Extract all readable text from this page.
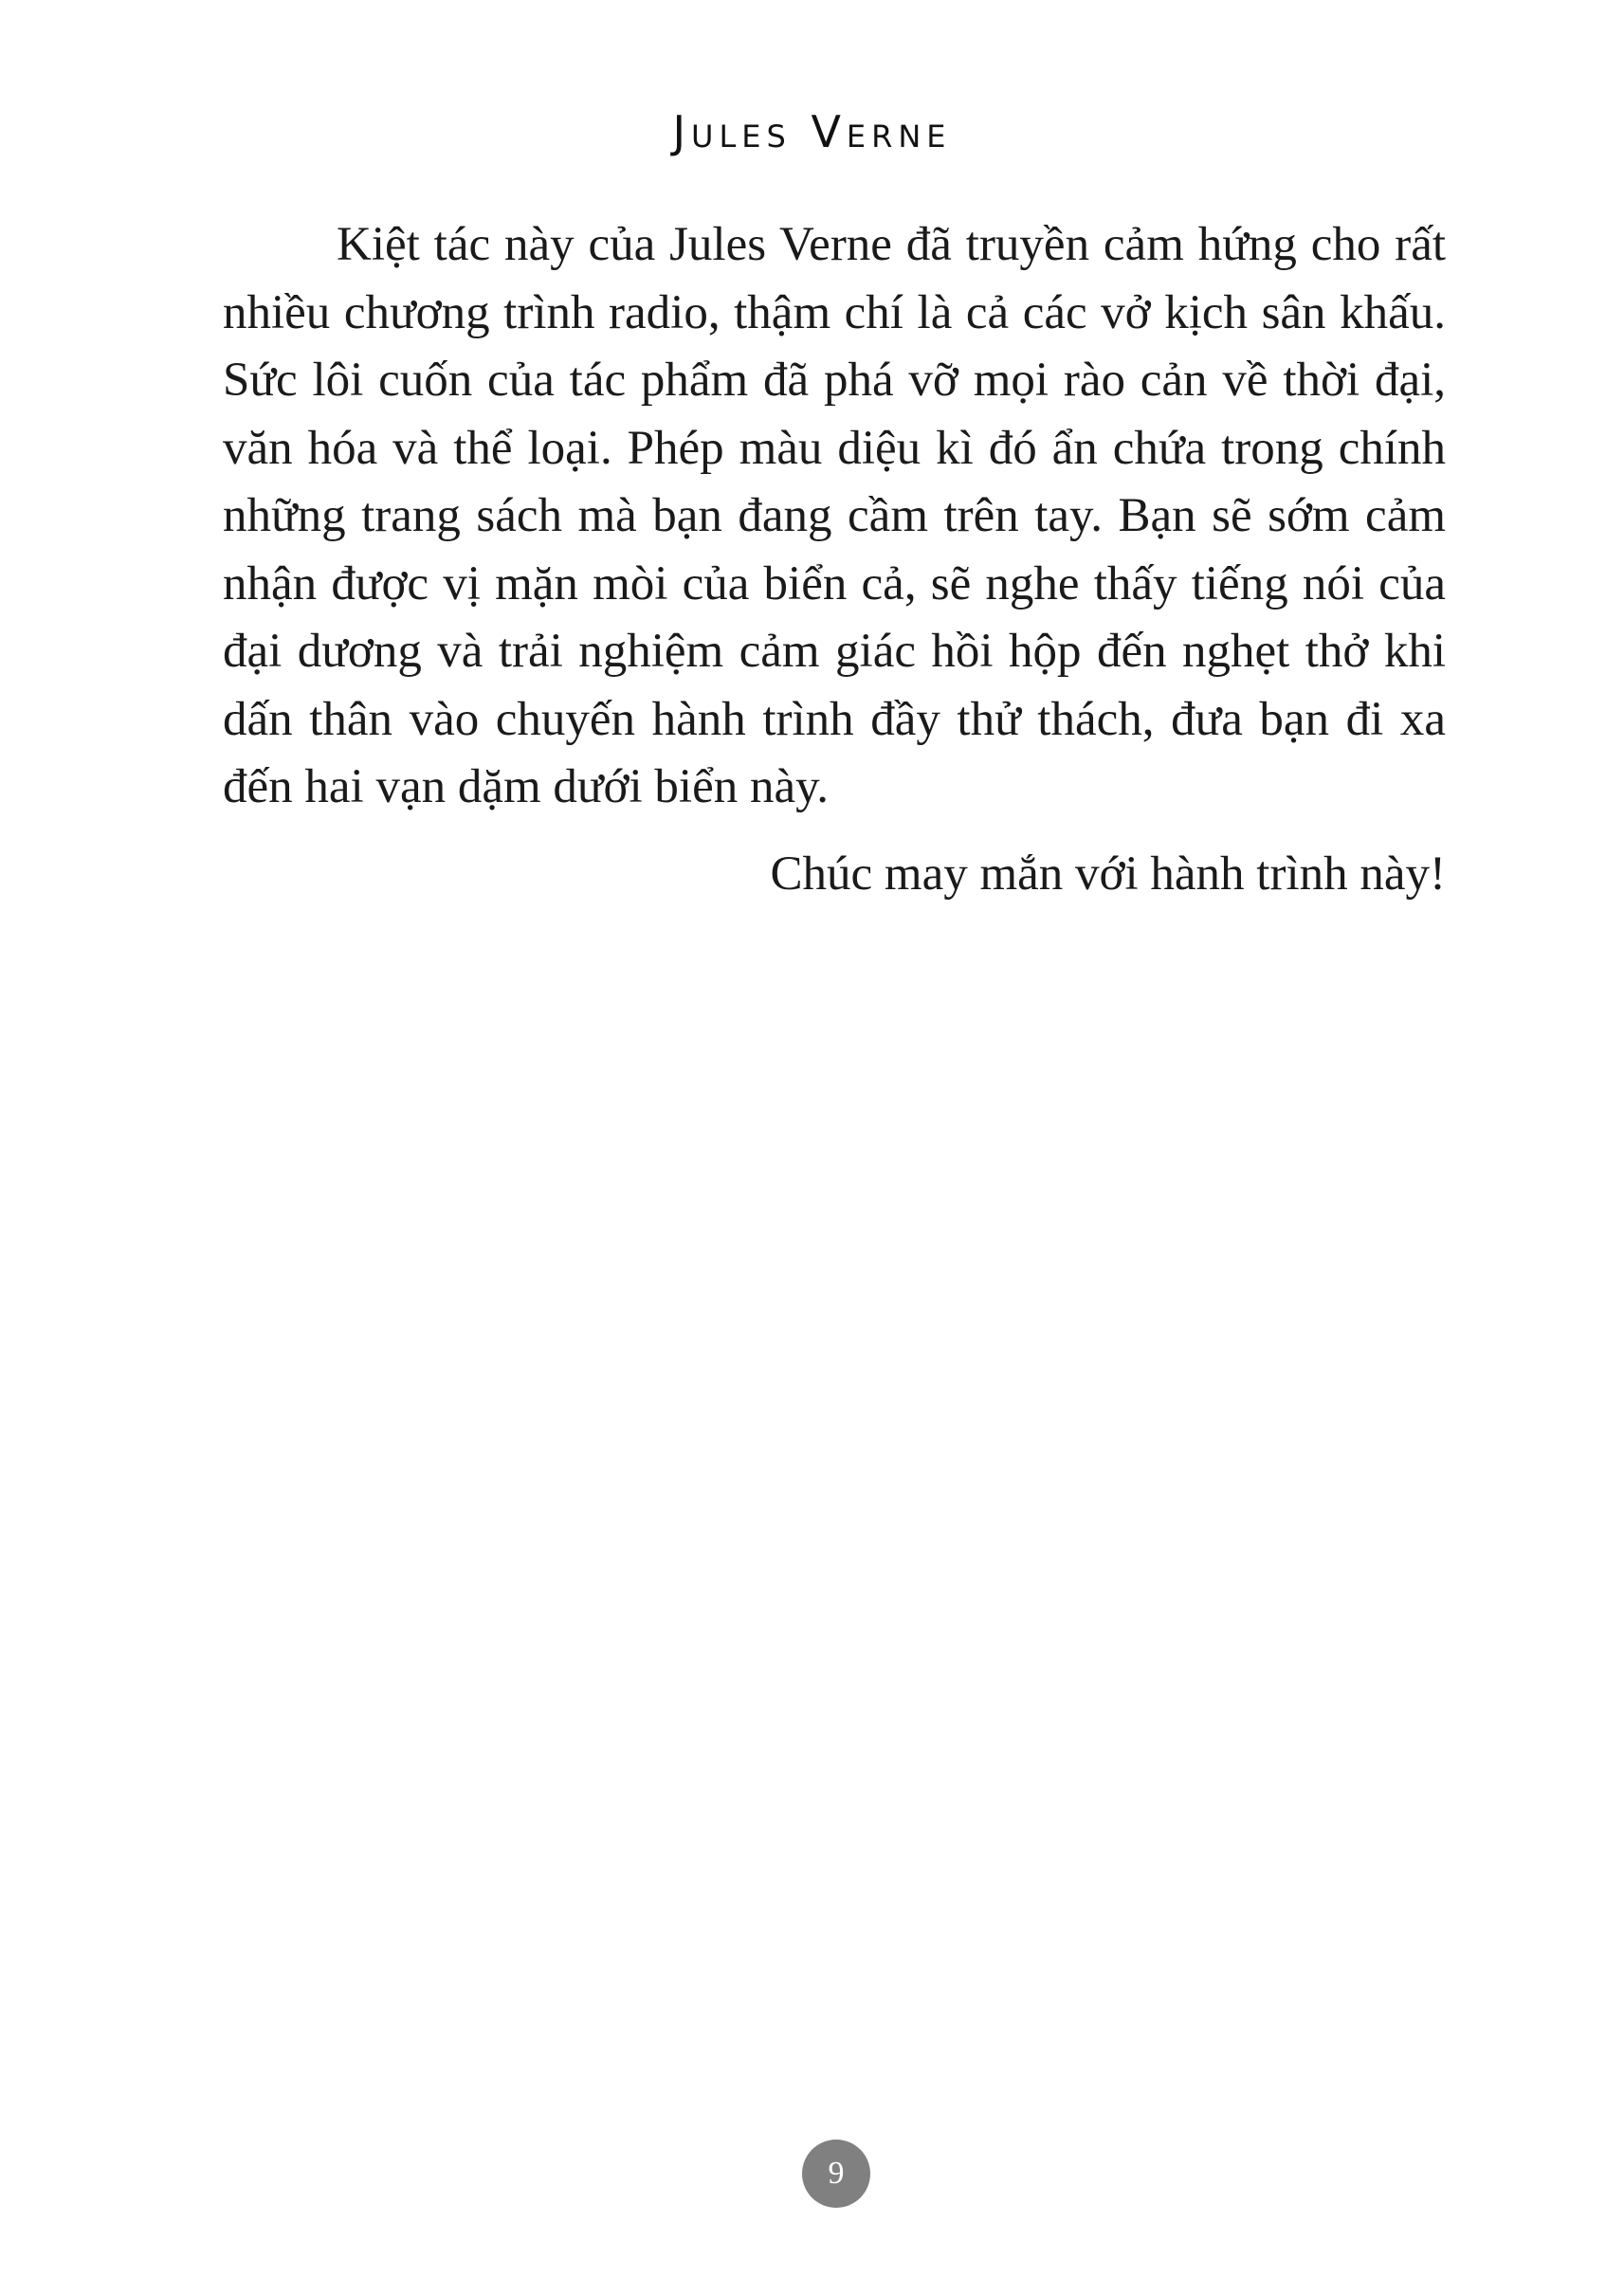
Jules Verne

Kiệt tác này của Jules Verne đã truyền cảm hứng cho rất nhiều chương trình radio, thậm chí là cả các vở kịch sân khấu. Sức lôi cuốn của tác phẩm đã phá vỡ mọi rào cản về thời đại, văn hóa và thể loại. Phép màu diệu kì đó ẩn chứa trong chính những trang sách mà bạn đang cầm trên tay. Bạn sẽ sớm cảm nhận được vị mặn mòi của biển cả, sẽ nghe thấy tiếng nói của đại dương và trải nghiệm cảm giác hồi hộp đến nghẹt thở khi dấn thân vào chuyến hành trình đầy thử thách, đưa bạn đi xa đến hai vạn dặm dưới biển này.

Chúc may mắn với hành trình này!

9
